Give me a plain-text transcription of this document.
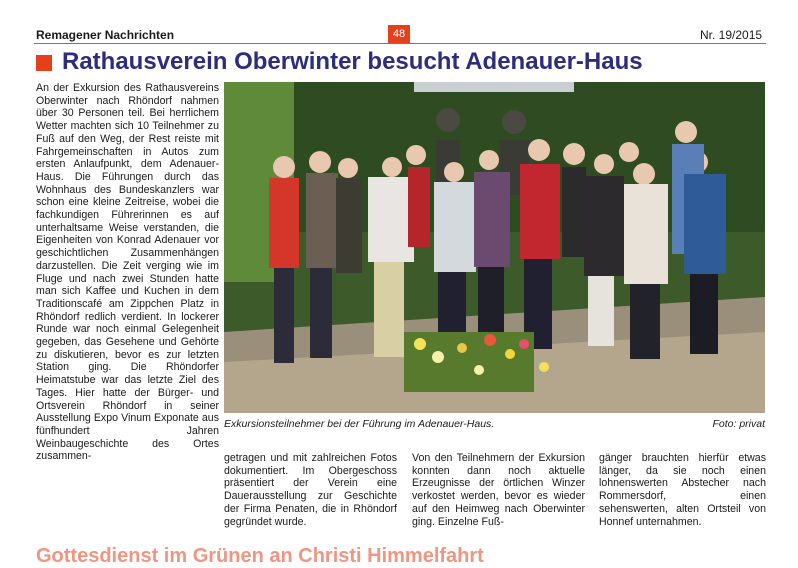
Remagener Nachrichten	48	Nr. 19/2015
Rathausverein Oberwinter besucht Adenauer-Haus
An der Exkursion des Rathausvereins Oberwinter nach Rhöndorf nahmen über 30 Personen teil. Bei herrlichem Wetter machten sich 10 Teilnehmer zu Fuß auf den Weg, der Rest reiste mit Fahrgemeinschaften in Autos zum ersten Anlaufpunkt, dem Adenauer-Haus. Die Führungen durch das Wohnhaus des Bundeskanzlers war schon eine kleine Zeitreise, wobei die fachkundigen Führerinnen es auf unterhaltsame Weise verstanden, die Eigenheiten von Konrad Adenauer vor geschichtlichen Zusammenhängen darzustellen. Die Zeit verging wie im Fluge und nach zwei Stunden hatte man sich Kaffee und Kuchen in dem Traditionscafé am Zippchen Platz in Rhöndorf redlich verdient. In lockerer Runde war noch einmal Gelegenheit gegeben, das Gesehene und Gehörte zu diskutieren, bevor es zur letzten Station ging. Die Rhöndorfer Heimatstube war das letzte Ziel des Tages. Hier hatte der Bürger- und Ortsverein Rhöndorf in seiner Ausstellung Expo Vinum Exponate aus fünfhundert Jahren Weinbaugeschichte des Ortes zusammen-
Exkursionsteilnehmer bei der Führung im Adenauer-Haus.	Foto: privat
getragen und mit zahlreichen Fotos dokumentiert. Im Obergeschoss präsentiert der Verein eine Dauerausstellung zur Geschichte der Firma Penaten, die in Rhöndorf gegründet wurde.
Von den Teilnehmern der Exkursion konnten dann noch aktuelle Erzeugnisse der örtlichen Winzer verkostet werden, bevor es wieder auf den Heimweg nach Oberwinter ging. Einzelne Fuß-
gänger brauchten hierfür etwas länger, da sie noch einen lohnenswerten Abstecher nach Rommersdorf, einen sehenswerten, alten Ortsteil von Honnef unternahmen.
Gottesdienst im Grünen an Christi Himmelfahrt
